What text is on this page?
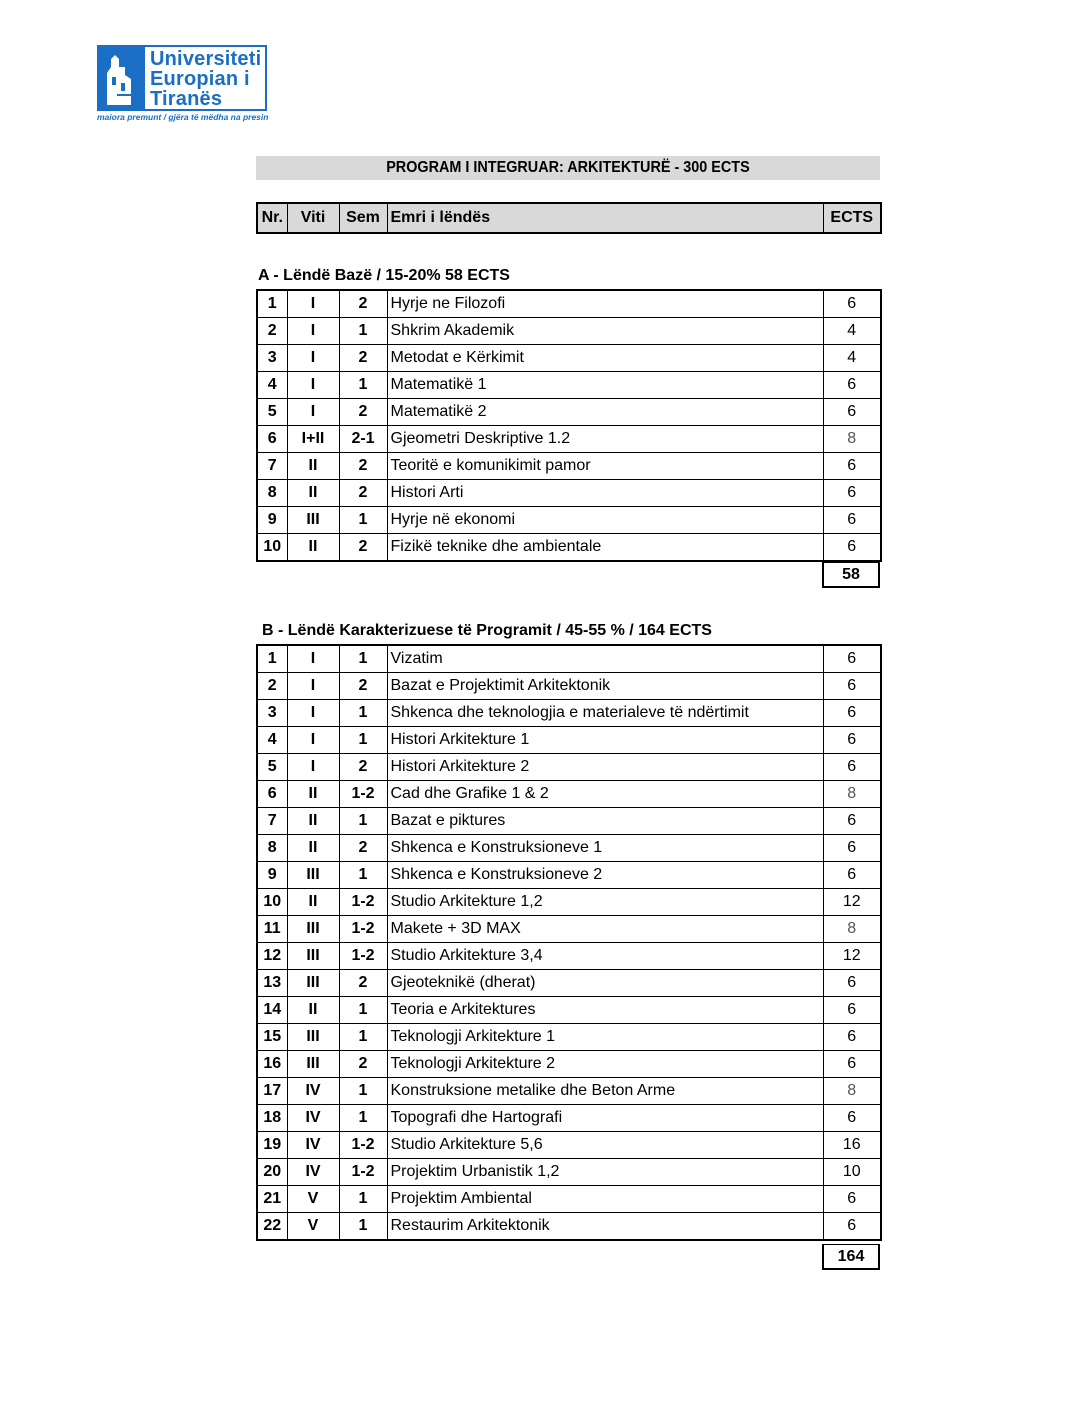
Universiteti
Europian i
Tiranës
maiora premunt / gjëra të mëdha na presin
PROGRAM I INTEGRUAR: ARKITEKTURË - 300 ECTS
Nr.	Viti	Sem	Emri i lëndës	ECTS
A - Lëndë Bazë / 15-20% 58 ECTS
1	I	2	Hyrje ne Filozofi	6
2	I	1	Shkrim Akademik	4
3	I	2	Metodat e Kërkimit	4
4	I	1	Matematikë 1	6
5	I	2	Matematikë 2	6
6	I+II	2-1	Gjeometri Deskriptive 1.2	8
7	II	2	Teoritë e komunikimit pamor	6
8	II	2	Histori Arti	6
9	III	1	Hyrje në ekonomi	6
10	II	2	Fizikë teknike dhe ambientale	6
58
B - Lëndë Karakterizuese të Programit / 45-55 % / 164 ECTS
1	I	1	Vizatim	6
2	I	2	Bazat e Projektimit Arkitektonik	6
3	I	1	Shkenca dhe teknologjia e materialeve të ndërtimit	6
4	I	1	Histori Arkitekture 1	6
5	I	2	Histori Arkitekture 2	6
6	II	1-2	Cad dhe Grafike 1 & 2	8
7	II	1	Bazat e piktures	6
8	II	2	Shkenca e Konstruksioneve 1	6
9	III	1	Shkenca e Konstruksioneve 2	6
10	II	1-2	Studio Arkitekture 1,2	12
11	III	1-2	Makete + 3D MAX	8
12	III	1-2	Studio Arkitekture 3,4	12
13	III	2	Gjeoteknikë (dherat)	6
14	II	1	Teoria e Arkitektures	6
15	III	1	Teknologji Arkitekture 1	6
16	III	2	Teknologji Arkitekture 2	6
17	IV	1	Konstruksione metalike dhe Beton Arme	8
18	IV	1	Topografi dhe Hartografi	6
19	IV	1-2	Studio Arkitekture 5,6	16
20	IV	1-2	Projektim Urbanistik 1,2	10
21	V	1	Projektim Ambiental	6
22	V	1	Restaurim Arkitektonik	6
164
